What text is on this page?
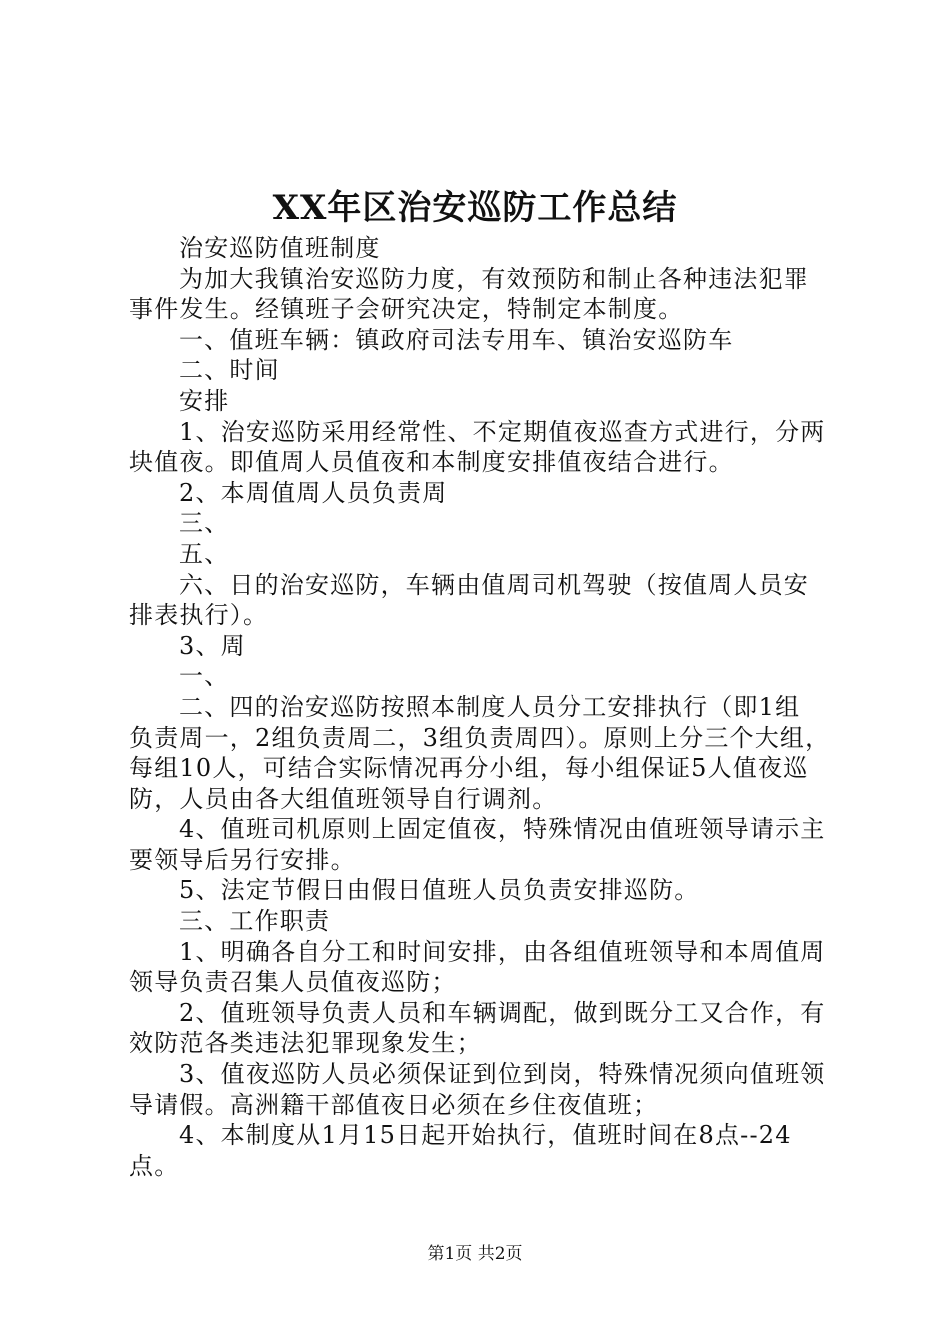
XX年区治安巡防工作总结
治安巡防值班制度
为加大我镇治安巡防力度，有效预防和制止各种违法犯罪
事件发生。经镇班子会研究决定，特制定本制度。
一、值班车辆：镇政府司法专用车、镇治安巡防车
二、时间
安排
1、治安巡防采用经常性、不定期值夜巡查方式进行，分两
块值夜。即值周人员值夜和本制度安排值夜结合进行。
2、本周值周人员负责周
三、
五、
六、日的治安巡防，车辆由值周司机驾驶（按值周人员安
排表执行）。
3、周
一、
二、四的治安巡防按照本制度人员分工安排执行（即1组
负责周一，2组负责周二，3组负责周四）。原则上分三个大组，
每组10人，可结合实际情况再分小组，每小组保证5人值夜巡
防，人员由各大组值班领导自行调剂。
4、值班司机原则上固定值夜，特殊情况由值班领导请示主
要领导后另行安排。
5、法定节假日由假日值班人员负责安排巡防。
三、工作职责
1、明确各自分工和时间安排，由各组值班领导和本周值周
领导负责召集人员值夜巡防；
2、值班领导负责人员和车辆调配，做到既分工又合作，有
效防范各类违法犯罪现象发生；
3、值夜巡防人员必须保证到位到岗，特殊情况须向值班领
导请假。高洲籍干部值夜日必须在乡住夜值班；
4、本制度从1月15日起开始执行，值班时间在8点--24
点。
第1页 共2页
